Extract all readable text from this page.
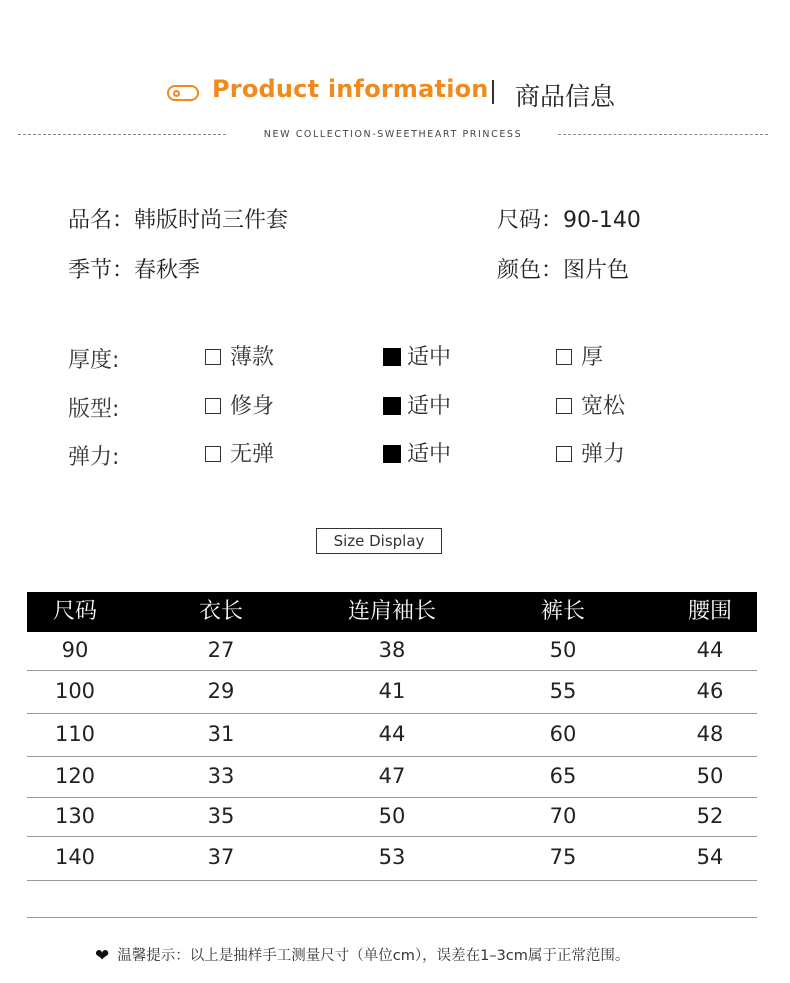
Product information 商品信息
NEW COLLECTION-SWEETHEART PRINCESS
品名：韩版时尚三件套	尺码：90-140
季节：春秋季	颜色：图片色
厚度:	薄款	适中	厚
版型:	修身	适中	宽松
弹力:	无弹	适中	弹力
Size Display
尺码	衣长	连肩袖长	裤长	腰围
90	27	38	50	44
100	29	41	55	46
110	31	44	60	48
120	33	47	65	50
130	35	50	70	52
140	37	53	75	54
❤ 温馨提示：以上是抽样手工测量尺寸（单位cm），误差在1–3cm属于正常范围。
